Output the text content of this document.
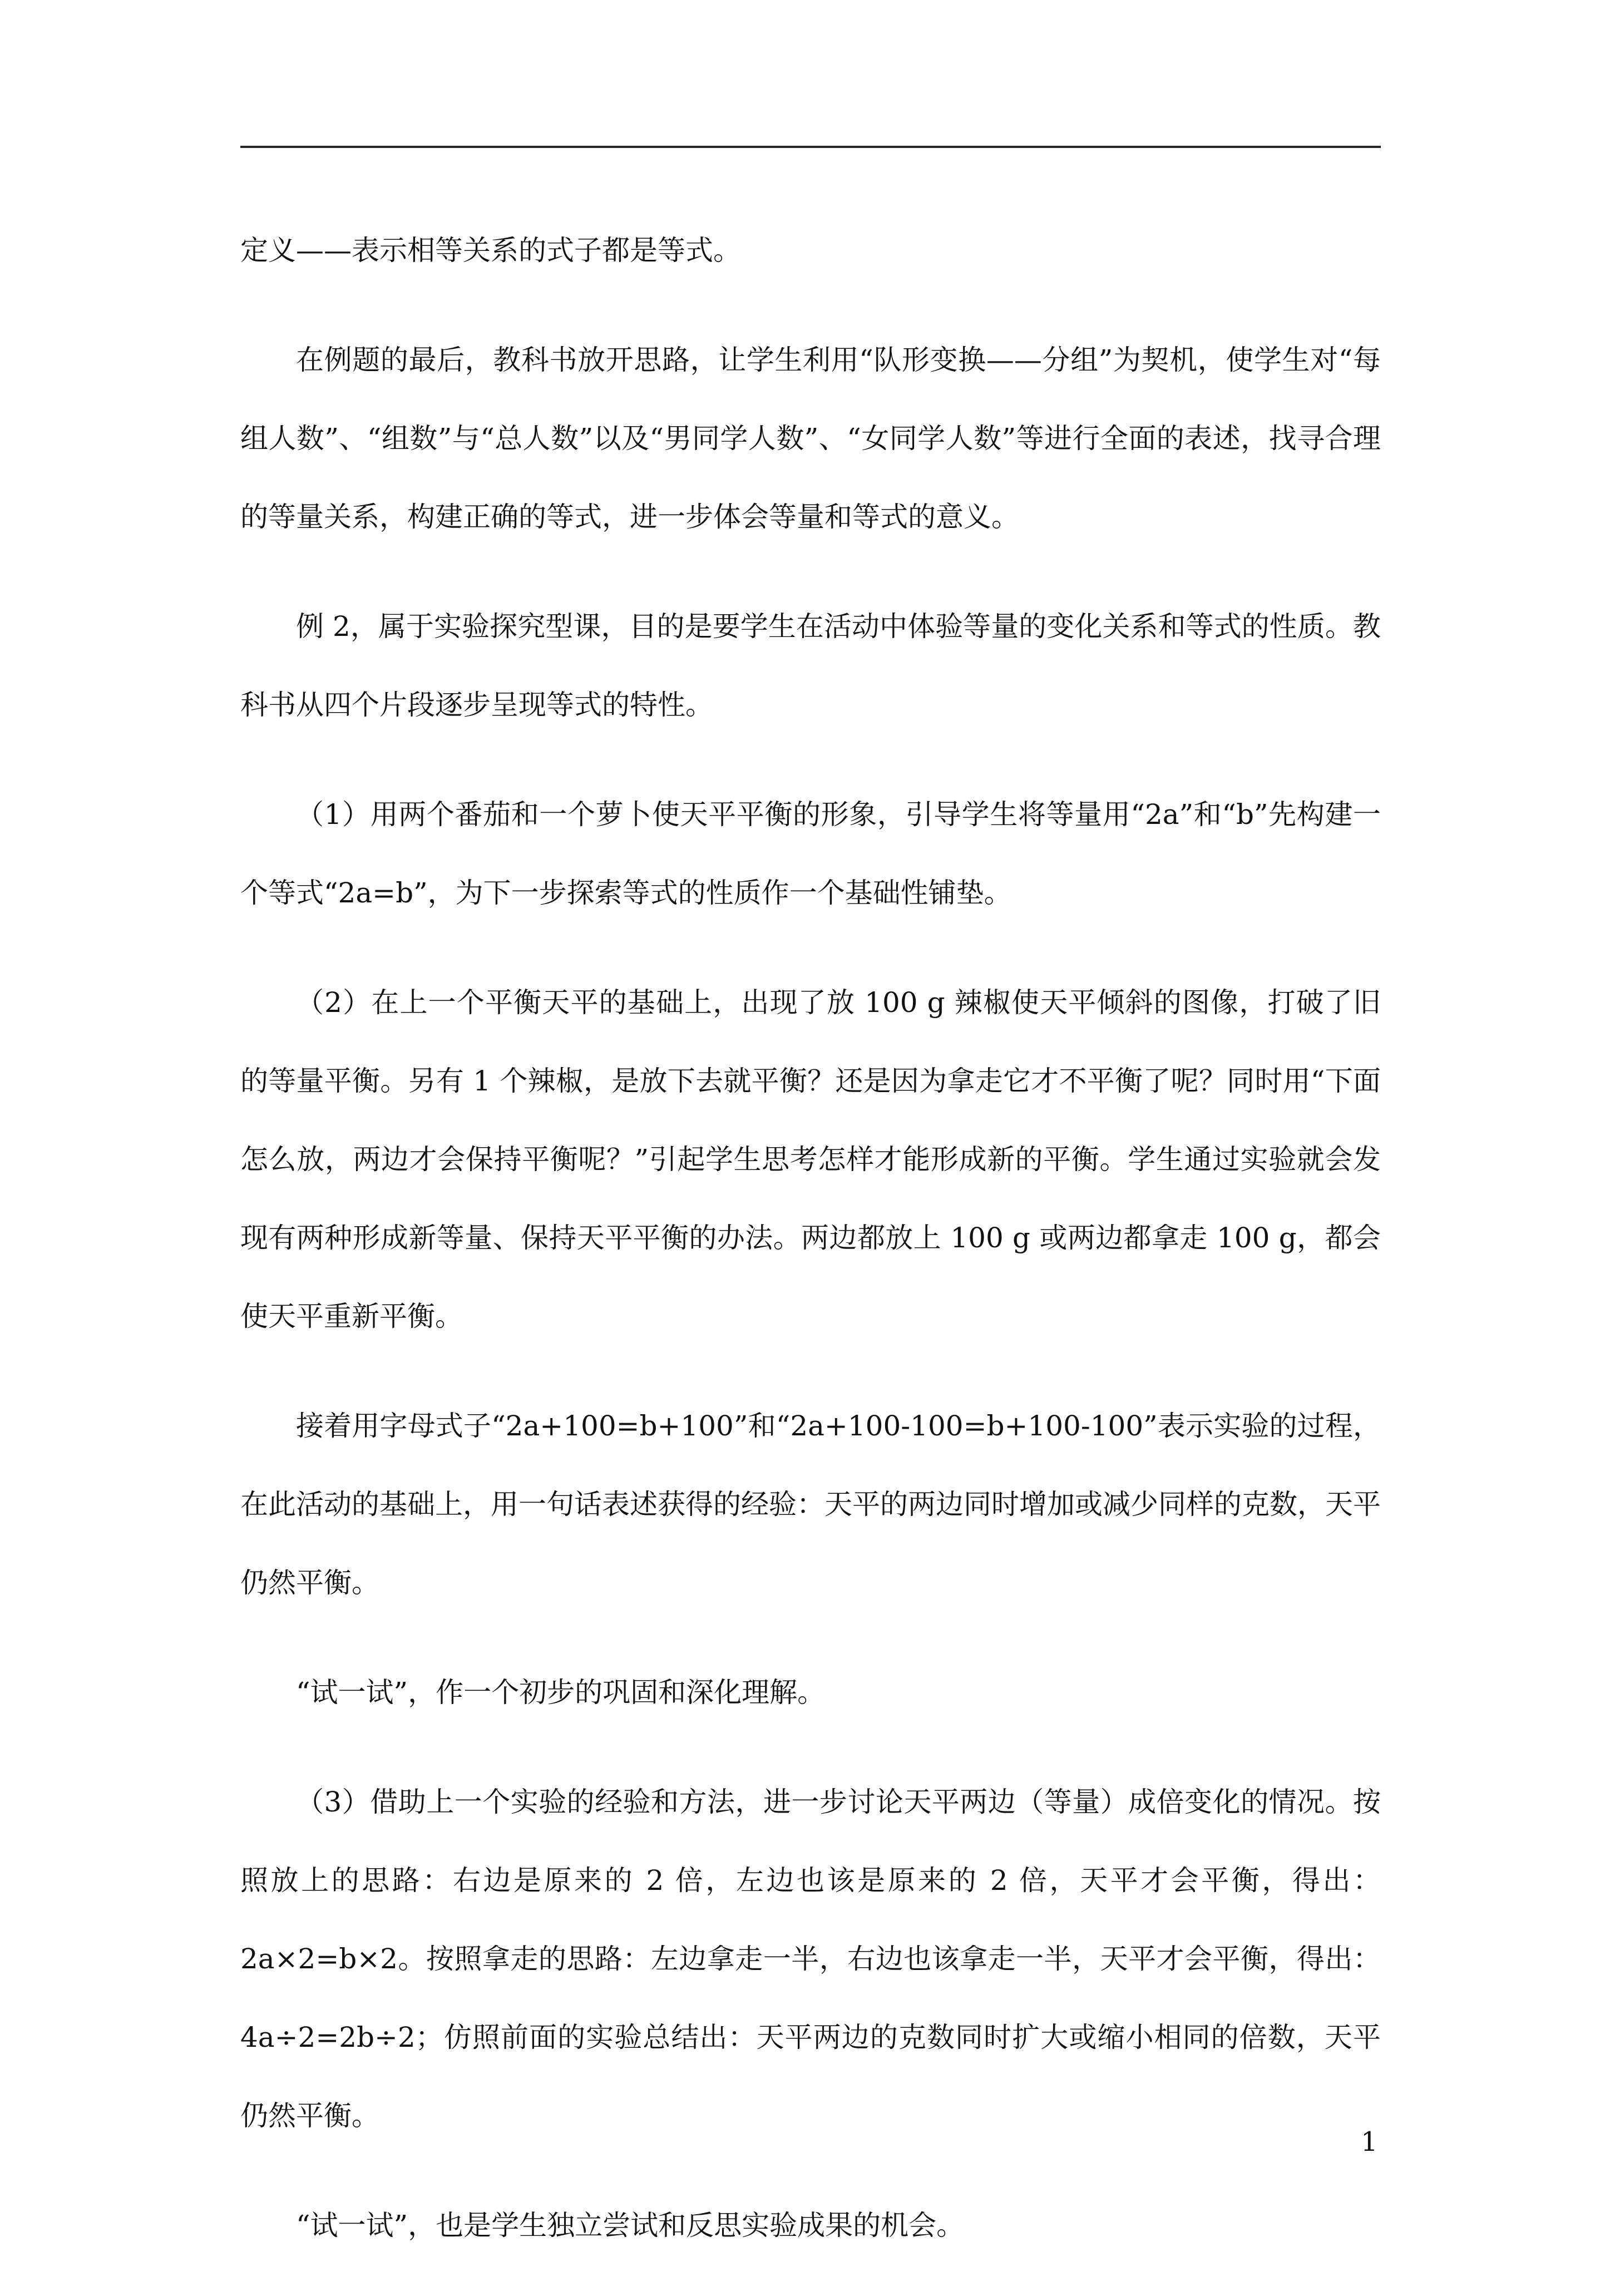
定义——表示相等关系的式子都是等式。

在例题的最后，教科书放开思路，让学生利用“队形变换——分组”为契机，使学生对“每组人数”、“组数”与“总人数”以及“男同学人数”、“女同学人数”等进行全面的表述，找寻合理的等量关系，构建正确的等式，进一步体会等量和等式的意义。

例 2，属于实验探究型课，目的是要学生在活动中体验等量的变化关系和等式的性质。教科书从四个片段逐步呈现等式的特性。

（1）用两个番茄和一个萝卜使天平平衡的形象，引导学生将等量用“2a”和“b”先构建一个等式“2a=b”，为下一步探索等式的性质作一个基础性铺垫。

（2）在上一个平衡天平的基础上，出现了放 100 g 辣椒使天平倾斜的图像，打破了旧的等量平衡。另有 1 个辣椒，是放下去就平衡？还是因为拿走它才不平衡了呢？同时用“下面怎么放，两边才会保持平衡呢？”引起学生思考怎样才能形成新的平衡。学生通过实验就会发现有两种形成新等量、保持天平平衡的办法。两边都放上 100 g 或两边都拿走 100 g，都会使天平重新平衡。

接着用字母式子“2a+100=b+100”和“2a+100-100=b+100-100”表示实验的过程，在此活动的基础上，用一句话表述获得的经验：天平的两边同时增加或减少同样的克数，天平仍然平衡。

“试一试”，作一个初步的巩固和深化理解。

（3）借助上一个实验的经验和方法，进一步讨论天平两边（等量）成倍变化的情况。按照放上的思路：右边是原来的 2 倍，左边也该是原来的 2 倍，天平才会平衡，得出：2a×2=b×2。按照拿走的思路：左边拿走一半，右边也该拿走一半，天平才会平衡，得出：4a÷2=2b÷2；仿照前面的实验总结出：天平两边的克数同时扩大或缩小相同的倍数，天平仍然平衡。

“试一试”，也是学生独立尝试和反思实验成果的机会。

1
